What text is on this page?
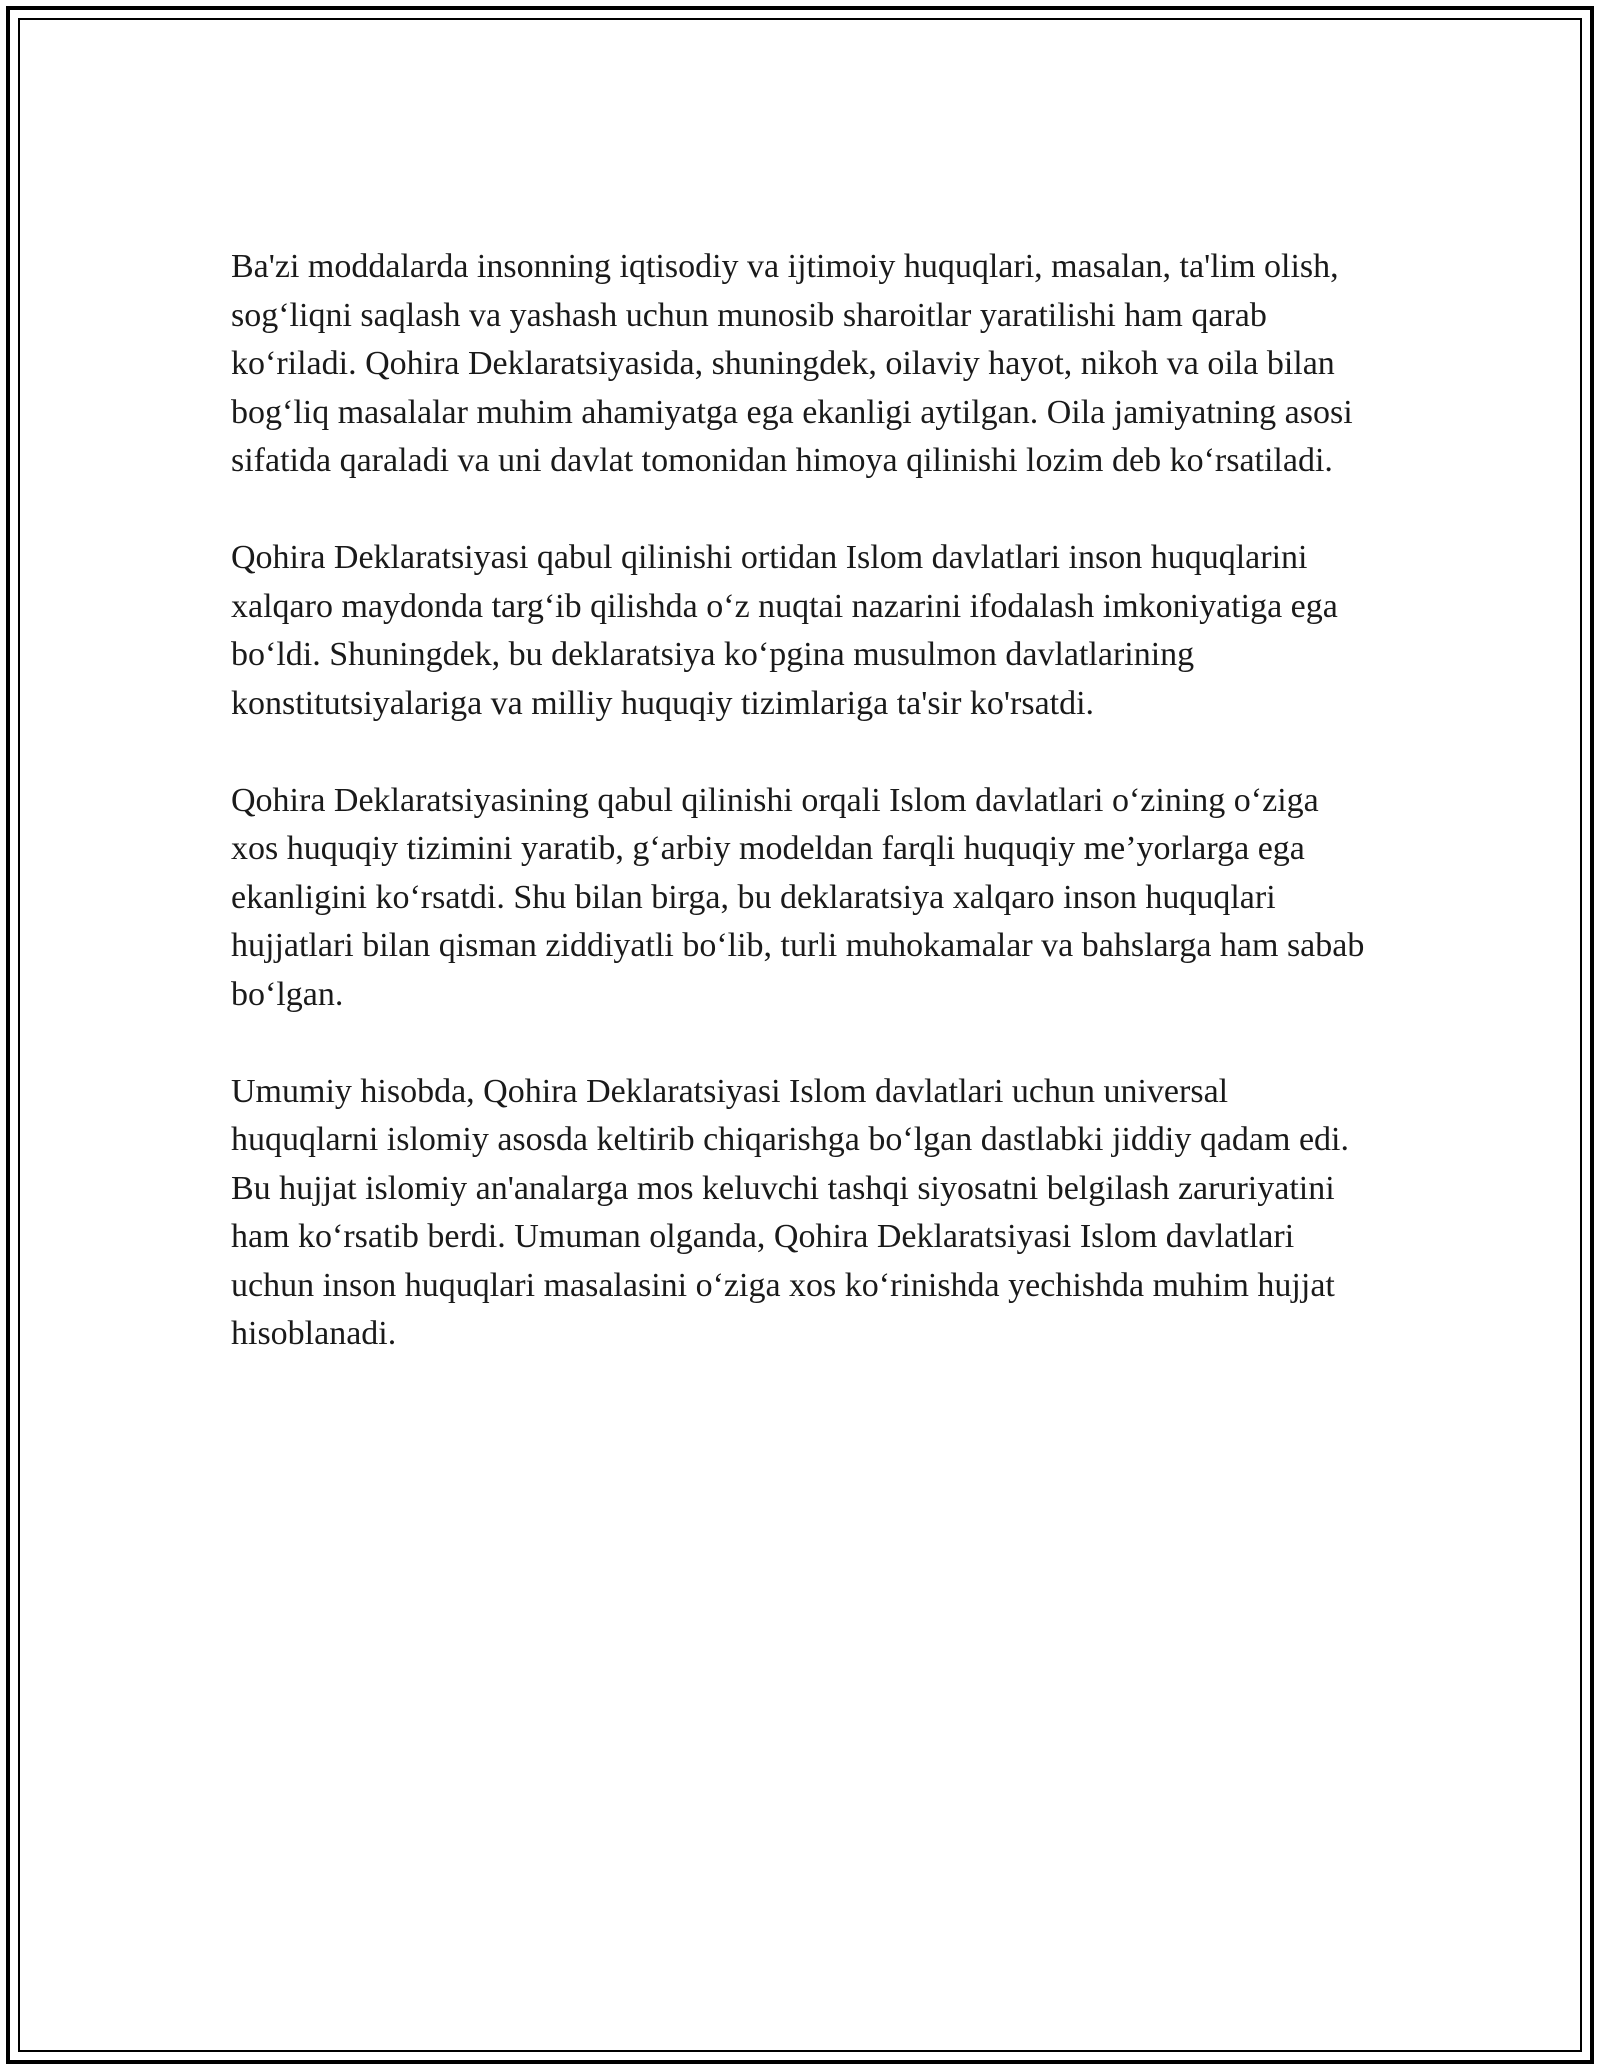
Ba'zi moddalarda insonning iqtisodiy va ijtimoiy huquqlari, masalan, ta'lim olish, sog‘liqni saqlash va yashash uchun munosib sharoitlar yaratilishi ham qarab ko‘riladi. Qohira Deklaratsiyasida, shuningdek, oilaviy hayot, nikoh va oila bilan bog‘liq masalalar muhim ahamiyatga ega ekanligi aytilgan. Oila jamiyatning asosi sifatida qaraladi va uni davlat tomonidan himoya qilinishi lozim deb ko‘rsatiladi.

Qohira Deklaratsiyasi qabul qilinishi ortidan Islom davlatlari inson huquqlarini xalqaro maydonda targ‘ib qilishda o‘z nuqtai nazarini ifodalash imkoniyatiga ega bo‘ldi. Shuningdek, bu deklaratsiya ko‘pgina musulmon davlatlarining konstitutsiyalariga va milliy huquqiy tizimlariga ta'sir ko'rsatdi.

Qohira Deklaratsiyasining qabul qilinishi orqali Islom davlatlari o‘zining o‘ziga xos huquqiy tizimini yaratib, g‘arbiy modeldan farqli huquqiy me’yorlarga ega ekanligini ko‘rsatdi. Shu bilan birga, bu deklaratsiya xalqaro inson huquqlari hujjatlari bilan qisman ziddiyatli bo‘lib, turli muhokamalar va bahslarga ham sabab bo‘lgan.

Umumiy hisobda, Qohira Deklaratsiyasi Islom davlatlari uchun universal huquqlarni islomiy asosda keltirib chiqarishga bo‘lgan dastlabki jiddiy qadam edi. Bu hujjat islomiy an'analarga mos keluvchi tashqi siyosatni belgilash zaruriyatini ham ko‘rsatib berdi. Umuman olganda, Qohira Deklaratsiyasi Islom davlatlari uchun inson huquqlari masalasini o‘ziga xos ko‘rinishda yechishda muhim hujjat hisoblanadi.
